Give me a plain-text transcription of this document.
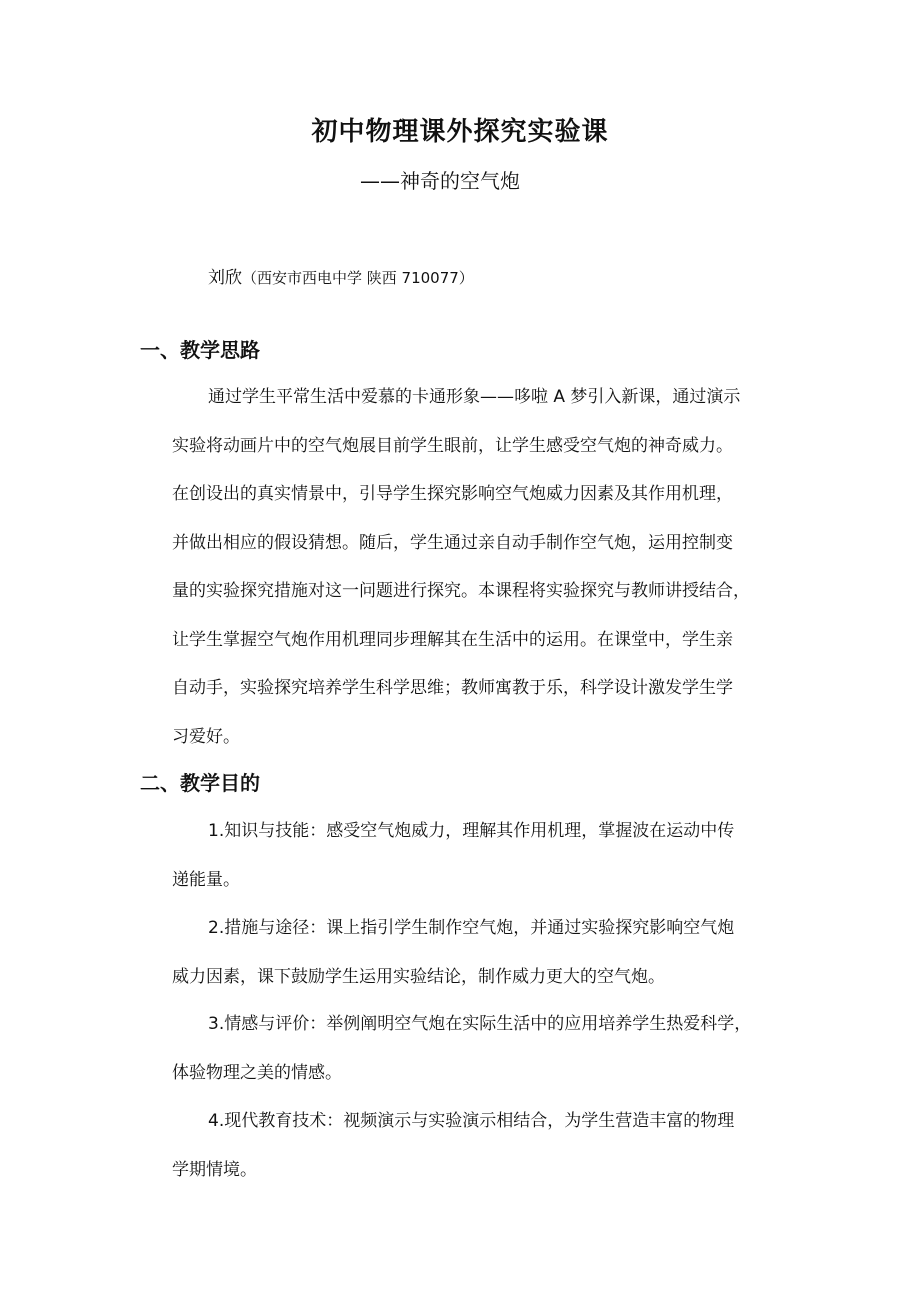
初中物理课外探究实验课
——神奇的空气炮
刘欣（西安市西电中学 陕西 710077）
一、教学思路
通过学生平常生活中爱慕的卡通形象——哆啦 A 梦引入新课，通过演示
实验将动画片中的空气炮展目前学生眼前，让学生感受空气炮的神奇威力。
在创设出的真实情景中，引导学生探究影响空气炮威力因素及其作用机理，
并做出相应的假设猜想。随后，学生通过亲自动手制作空气炮，运用控制变
量的实验探究措施对这一问题进行探究。本课程将实验探究与教师讲授结合，
让学生掌握空气炮作用机理同步理解其在生活中的运用。在课堂中，学生亲
自动手，实验探究培养学生科学思维；教师寓教于乐，科学设计激发学生学
习爱好。
二、教学目的
1.知识与技能：感受空气炮威力，理解其作用机理，掌握波在运动中传
递能量。
2.措施与途径：课上指引学生制作空气炮，并通过实验探究影响空气炮
威力因素，课下鼓励学生运用实验结论，制作威力更大的空气炮。
3.情感与评价：举例阐明空气炮在实际生活中的应用培养学生热爱科学，
体验物理之美的情感。
4.现代教育技术：视频演示与实验演示相结合，为学生营造丰富的物理
学期情境。
